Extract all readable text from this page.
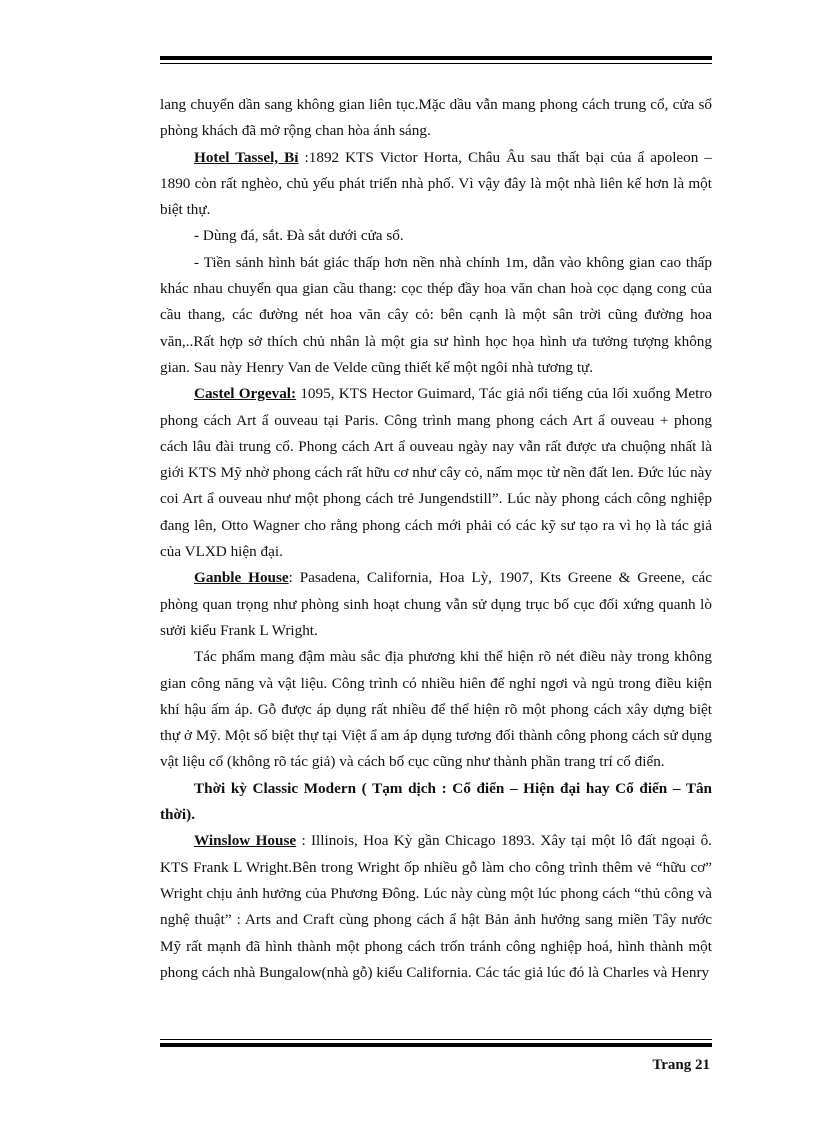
lang chuyển dần sang không gian liên tục.Mặc dầu vẫn mang phong cách trung cổ, cửa sổ phòng khách đã mở rộng chan hòa ánh sáng.

Hotel Tassel, Bỉ :1892 KTS Victor Horta, Châu Âu sau thất bại của ẩ apoleon – 1890 còn rất nghèo, chủ yếu phát triển nhà phố. Vì vậy đây là một nhà liên kế hơn là một biệt thự.

- Dùng đá, sắt. Đà sắt dưới cửa sổ.

- Tiền sảnh hình bát giác thấp hơn nền nhà chính 1m, dẫn vào không gian cao thấp khác nhau chuyển qua gian cầu thang: cọc thép đầy hoa văn chan hoà cọc dạng cong của cầu thang, các đường nét hoa văn cây cỏ: bên cạnh là một sân trời cũng đường hoa văn,..Rất hợp sở thích chủ nhân là một gia sư hình học họa hình ưa tưởng tượng không gian. Sau này Henry Van de Velde cũng thiết kế một ngôi nhà tương tự.

Castel Orgeval: 1095, KTS Hector Guimard, Tác giả nổi tiếng của lối xuống Metro phong cách Art ẩ ouveau tại Paris. Công trình mang phong cách Art ẩ ouveau + phong cách lâu đài trung cổ. Phong cách Art ẩ ouveau ngày nay vẫn rất được ưa chuộng nhất là giới KTS Mỹ nhờ phong cách rất hữu cơ như cây cỏ, nấm mọc từ nền đất len. Đức lúc này coi Art ẩ ouveau như một phong cách trẻ Jungendstill”. Lúc này phong cách công nghiệp đang lên, Otto Wagner cho rằng phong cách mới phải có các kỹ sư tạo ra vì họ là tác giả của VLXD hiện đại.

Ganble House: Pasadena, California, Hoa Lỳ, 1907, Kts Greene & Greene, các phòng quan trọng như phòng sinh hoạt chung vẫn sử dụng trục bố cục đối xứng quanh lò sưởi kiểu Frank L Wright.

Tác phẩm mang đậm màu sắc địa phương khi thể hiện rõ nét điều này trong không gian công năng và vật liệu. Công trình có nhiều hiên để nghỉ ngơi và ngủ trong điều kiện khí hậu ấm áp. Gỗ được áp dụng rất nhiều để thể hiện rõ một phong cách xây dựng biệt thự ở Mỹ. Một số biệt thự tại Việt ẩ am áp dụng tương đối thành công phong cách sử dụng vật liệu cổ (không rõ tác giả) và cách bố cục cũng như thành phần trang trí cổ điển.

Thời kỳ Classic Modern ( Tạm dịch : Cổ điển – Hiện đại hay Cổ điển – Tân thời).

Winslow House : Illinois, Hoa Kỳ gần Chicago 1893. Xây tại một lô đất ngoại ô. KTS Frank L Wright.Bên trong Wright ốp nhiều gỗ làm cho công trình thêm vẻ “hữu cơ” Wright chịu ảnh hưởng của Phương Đông. Lúc này cùng một lúc phong cách “thủ công và nghệ thuật” : Arts and Craft cùng phong cách ẩ hật Bản ảnh hưởng sang miền Tây nước Mỹ rất mạnh đã hình thành một phong cách trốn tránh công nghiệp hoá, hình thành một phong cách nhà Bungalow(nhà gỗ) kiểu California. Các tác giả lúc đó là Charles và Henry

Trang 21
